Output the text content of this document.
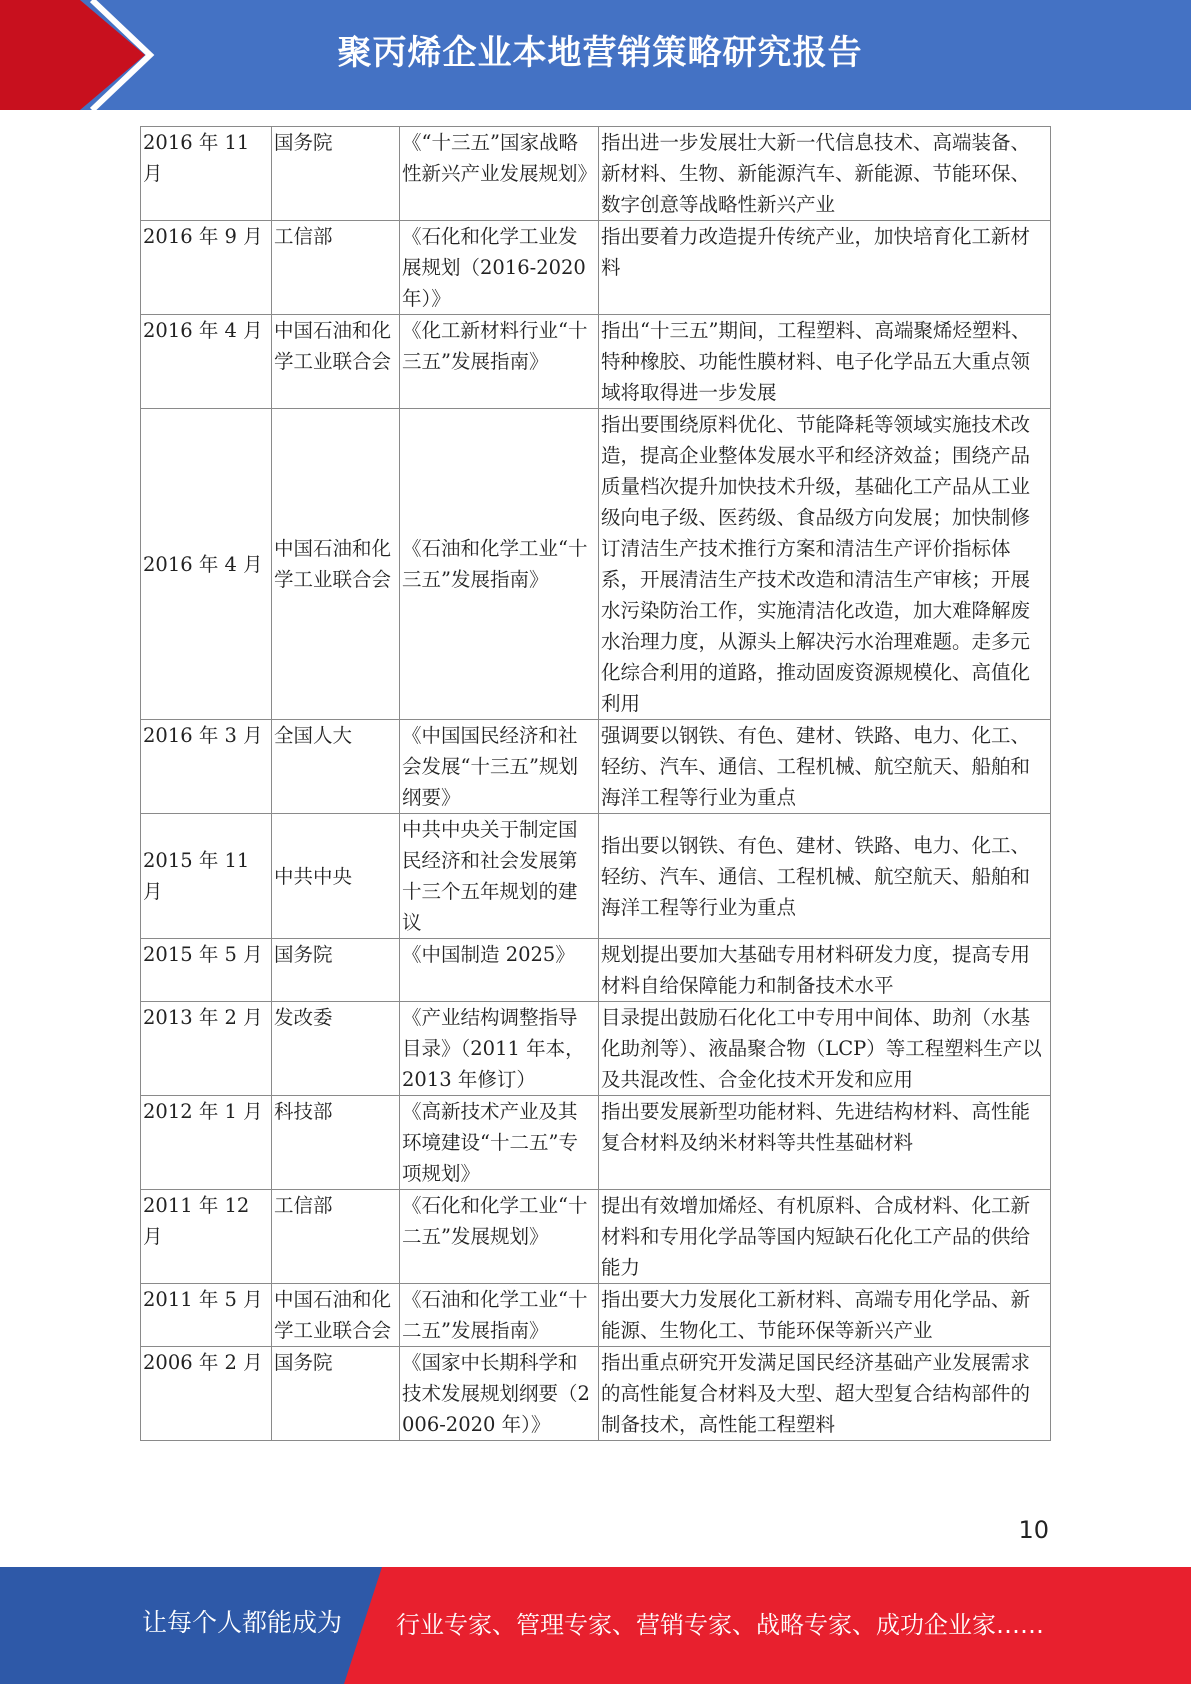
聚丙烯企业本地营销策略研究报告
2016 年 11 月	国务院	《“十三五”国家战略性新兴产业发展规划》	指出进一步发展壮大新一代信息技术、高端装备、新材料、生物、新能源汽车、新能源、节能环保、数字创意等战略性新兴产业
2016 年 9 月	工信部	《石化和化学工业发展规划（2016-2020 年）》	指出要着力改造提升传统产业，加快培育化工新材料
2016 年 4 月	中国石油和化学工业联合会	《化工新材料行业“十三五”发展指南》	指出“十三五”期间，工程塑料、高端聚烯烃塑料、特种橡胶、功能性膜材料、电子化学品五大重点领域将取得进一步发展
2016 年 4 月	中国石油和化学工业联合会	《石油和化学工业“十三五”发展指南》	指出要围绕原料优化、节能降耗等领域实施技术改造，提高企业整体发展水平和经济效益；围绕产品质量档次提升加快技术升级，基础化工产品从工业级向电子级、医药级、食品级方向发展；加快制修订清洁生产技术推行方案和清洁生产评价指标体系，开展清洁生产技术改造和清洁生产审核；开展水污染防治工作，实施清洁化改造，加大难降解废水治理力度，从源头上解决污水治理难题。走多元化综合利用的道路，推动固废资源规模化、高值化利用
2016 年 3 月	全国人大	《中国国民经济和社会发展“十三五”规划纲要》	强调要以钢铁、有色、建材、铁路、电力、化工、轻纺、汽车、通信、工程机械、航空航天、船舶和海洋工程等行业为重点
2015 年 11 月	中共中央	中共中央关于制定国民经济和社会发展第十三个五年规划的建议	指出要以钢铁、有色、建材、铁路、电力、化工、轻纺、汽车、通信、工程机械、航空航天、船舶和海洋工程等行业为重点
2015 年 5 月	国务院	《中国制造 2025》	规划提出要加大基础专用材料研发力度，提高专用材料自给保障能力和制备技术水平
2013 年 2 月	发改委	《产业结构调整指导目录》（2011 年本，2013 年修订）	目录提出鼓励石化化工中专用中间体、助剂（水基化助剂等）、液晶聚合物（LCP）等工程塑料生产以及共混改性、合金化技术开发和应用
2012 年 1 月	科技部	《高新技术产业及其环境建设“十二五”专项规划》	指出要发展新型功能材料、先进结构材料、高性能复合材料及纳米材料等共性基础材料
2011 年 12 月	工信部	《石化和化学工业“十二五”发展规划》	提出有效增加烯烃、有机原料、合成材料、化工新材料和专用化学品等国内短缺石化化工产品的供给能力
2011 年 5 月	中国石油和化学工业联合会	《石油和化学工业“十二五”发展指南》	指出要大力发展化工新材料、高端专用化学品、新能源、生物化工、节能环保等新兴产业
2006 年 2 月	国务院	《国家中长期科学和技术发展规划纲要（2006-2020 年）》	指出重点研究开发满足国民经济基础产业发展需求的高性能复合材料及大型、超大型复合结构部件的制备技术，高性能工程塑料
10
让每个人都能成为 行业专家、管理专家、营销专家、战略专家、成功企业家……
